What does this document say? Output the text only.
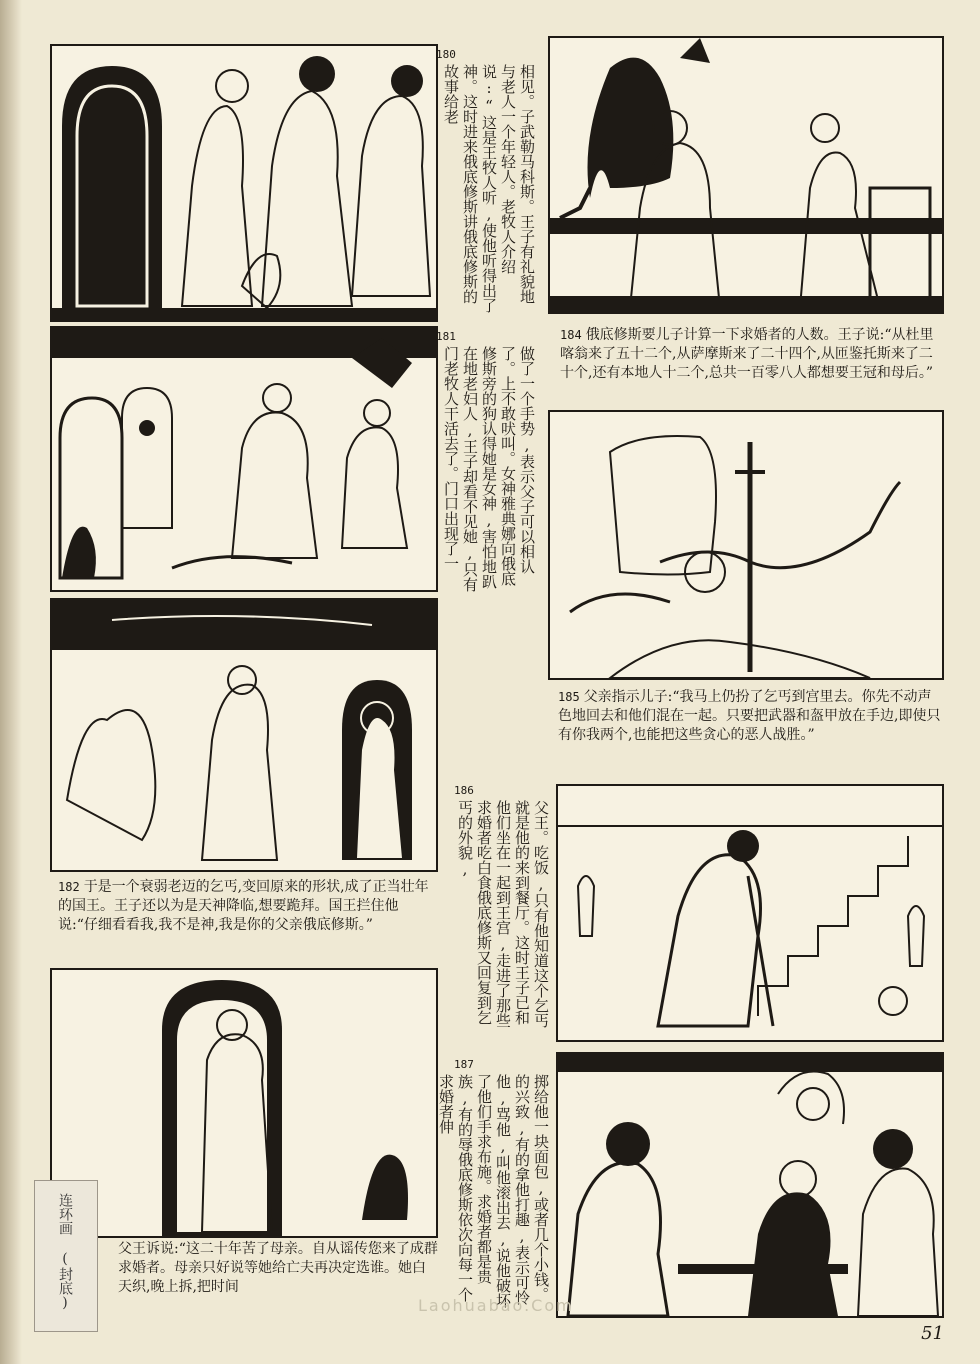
180
相见。子武勒马科斯。王子有礼貌地与老人一个年轻人。老牧人介绍说:“这是王牧人听,使他听得出了神。这时进来俄底修斯讲俄底修斯的故事给老
181
做了一个手势,表示父子可以相认了。上不敢吠叫。女神雅典娜向俄底修斯旁的狗认得她是女神,害怕地趴在地老妇人,王子却看不见她,只有门老牧人干活去了。门口出现了一
182 于是一个衰弱老迈的乞丐,变回原来的形状,成了正当壮年的国王。王子还以为是天神降临,想要跪拜。国王拦住他说:“仔细看看我,我不是神,我是你的父亲俄底修斯。”
连环画 (封底)	父王诉说:“这二十年苦了母亲。自从谣传您来了成群求婚者。母亲只好说等她给亡夫再决定选谁。她白天织,晚上拆,把时间
184 俄底修斯要儿子计算一下求婚者的人数。王子说:“从杜里喀翁来了五十二个,从萨摩斯来了二十四个,从匝鉴托斯来了二十个,还有本地人十二个,总共一百零八人都想要王冠和母后。”
185 父亲指示儿子:“我马上仍扮了乞丐到宫里去。你先不动声色地回去和他们混在一起。只要把武器和盔甲放在手边,即使只有你我两个,也能把这些贪心的恶人战胜。”
186
父王。吃饭,只有他知道这个乞丐就是他的来到餐厅。这时王子已和他们坐在一起到王宫,走进了那些求婚者吃白食俄底修斯又回复到乞丐的外貌,
187
掷给他一块面包,或者几个小钱。的兴致,有的拿他打趣,表示可怜他,骂他,叫他滚出去,说他破坏了他们手求布施。求婚者都是贵族,有的辱俄底修斯依次向每一个求婚者伸
Laohuabao.Com
51
